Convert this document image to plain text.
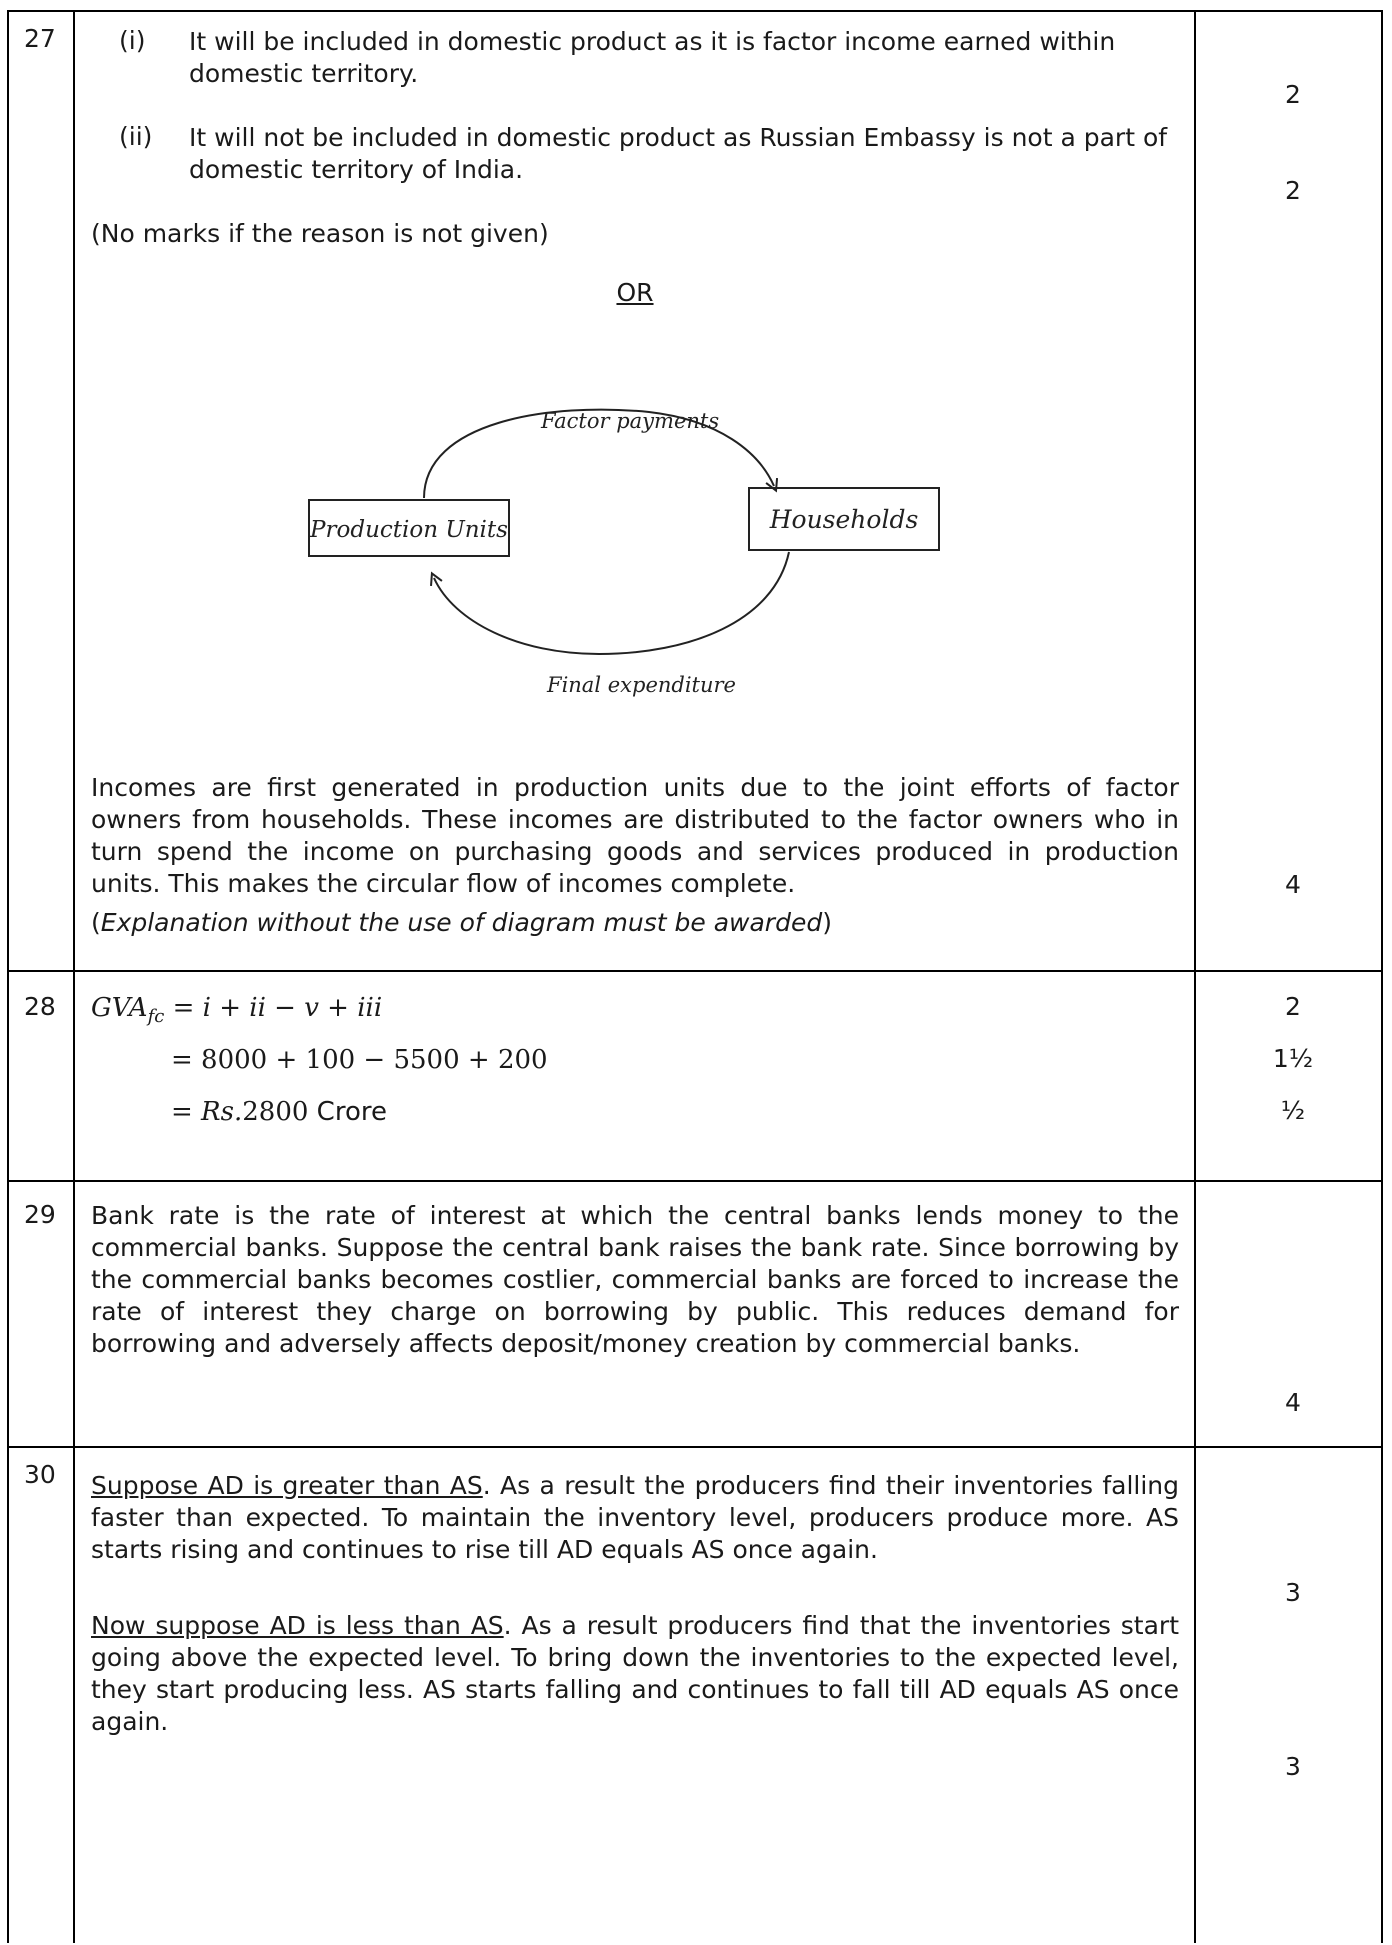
27	(i) It will be included in domestic product as it is factor income earned within domestic territory.
(ii) It will not be included in domestic product as Russian Embassy is not a part of domestic territory of India.
(No marks if the reason is not given)
OR
Production Units	Households
Factor payments
Final expenditure
Incomes are first generated in production units due to the joint efforts of factor owners from households. These incomes are distributed to the factor owners who in turn spend the income on purchasing goods and services produced in production units. This makes the circular flow of incomes complete.
(Explanation without the use of diagram must be awarded)
2
2
4
28 $GVA_{fc} = i$ + ii − v + iii
= 8000 + 100 − 5500 + 200
= Rs.2800 Crore
2
1½
½
29 Bank rate is the rate of interest at which the central banks lends money to the commercial banks. Suppose the central bank raises the bank rate. Since borrowing by the commercial banks becomes costlier, commercial banks are forced to increase the rate of interest they charge on borrowing by public. This reduces demand for borrowing and adversely affects deposit/money creation by commercial banks.
4
30 Suppose AD is greater than AS. As a result the producers find their inventories falling faster than expected. To maintain the inventory level, producers produce more. AS starts rising and continues to rise till AD equals AS once again.
Now suppose AD is less than AS. As a result producers find that the inventories start going above the expected level. To bring down the inventories to the expected level, they start producing less. AS starts falling and continues to fall till AD equals AS once again.
3
3
